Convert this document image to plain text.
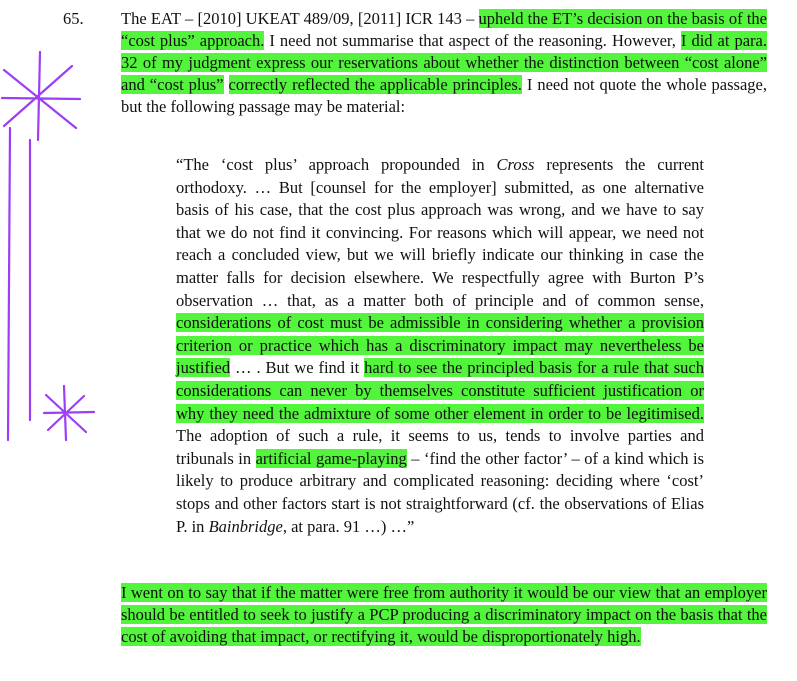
65. The EAT – [2010] UKEAT 489/09, [2011] ICR 143 – upheld the ET’s decision on the basis of the “cost plus” approach. I need not summarise that aspect of the reasoning. However, I did at para. 32 of my judgment express our reservations about whether the distinction between “cost alone” and “cost plus” correctly reflected the applicable principles. I need not quote the whole passage, but the following passage may be material:
“The ‘cost plus’ approach propounded in Cross represents the current orthodoxy. … But [counsel for the employer] submitted, as one alternative basis of his case, that the cost plus approach was wrong, and we have to say that we do not find it convincing. For reasons which will appear, we need not reach a concluded view, but we will briefly indicate our thinking in case the matter falls for decision elsewhere. We respectfully agree with Burton P’s observation … that, as a matter both of principle and of common sense, considerations of cost must be admissible in considering whether a provision criterion or practice which has a discriminatory impact may nevertheless be justified … . But we find it hard to see the principled basis for a rule that such considerations can never by themselves constitute sufficient justification or why they need the admixture of some other element in order to be legitimised. The adoption of such a rule, it seems to us, tends to involve parties and tribunals in artificial game-playing – ‘find the other factor’ – of a kind which is likely to produce arbitrary and complicated reasoning: deciding where ‘cost’ stops and other factors start is not straightforward (cf. the observations of Elias P. in Bainbridge, at para. 91 …) …”
I went on to say that if the matter were free from authority it would be our view that an employer should be entitled to seek to justify a PCP producing a discriminatory impact on the basis that the cost of avoiding that impact, or rectifying it, would be disproportionately high.
